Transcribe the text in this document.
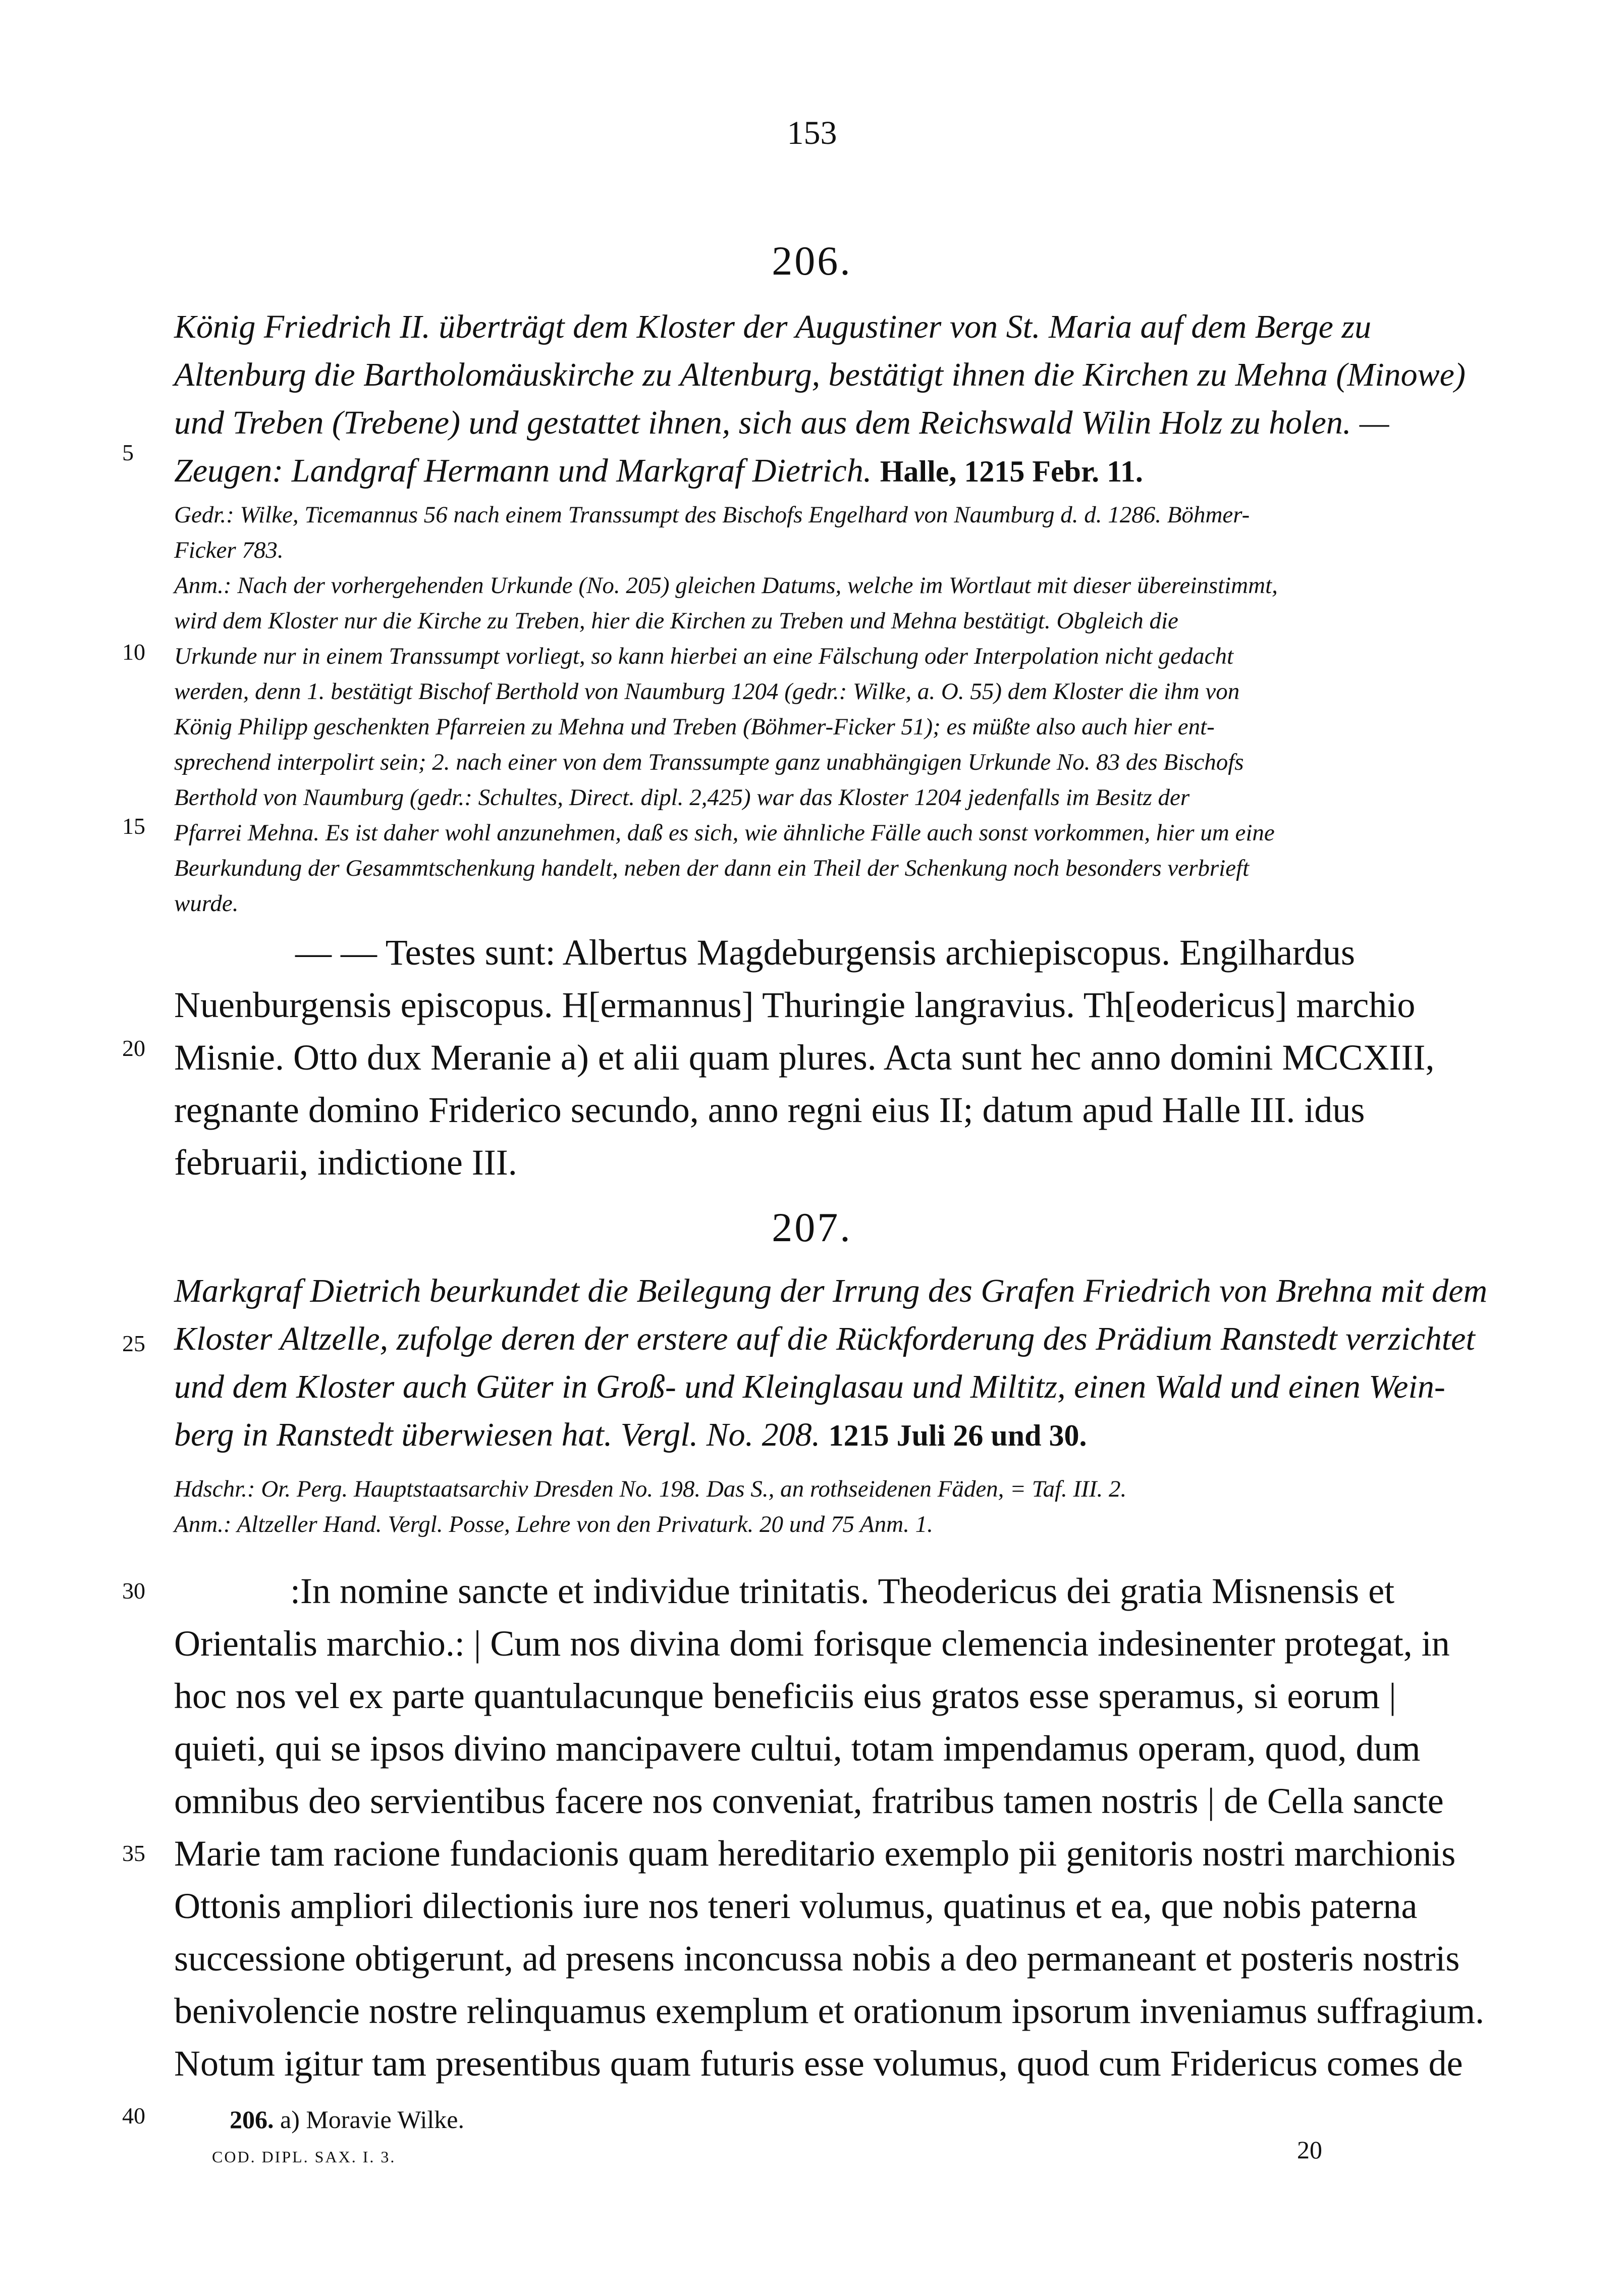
153
206.
König Friedrich II. überträgt dem Kloster der Augustiner von St. Maria auf dem Berge zu
Altenburg die Bartholomäuskirche zu Altenburg, bestätigt ihnen die Kirchen zu Mehna (Minowe)
und Treben (Trebene) und gestattet ihnen, sich aus dem Reichswald Wilin Holz zu holen. —
Zeugen: Landgraf Hermann und Markgraf Dietrich. Halle, 1215 Febr. 11.
Gedr.: Wilke, Ticemannus 56 nach einem Transsumpt des Bischofs Engelhard von Naumburg d. d. 1286. Böhmer-
Ficker 783.
Anm.: Nach der vorhergehenden Urkunde (No. 205) gleichen Datums, welche im Wortlaut mit dieser übereinstimmt,
wird dem Kloster nur die Kirche zu Treben, hier die Kirchen zu Treben und Mehna bestätigt. Obgleich die
Urkunde nur in einem Transsumpt vorliegt, so kann hierbei an eine Fälschung oder Interpolation nicht gedacht
werden, denn 1. bestätigt Bischof Berthold von Naumburg 1204 (gedr.: Wilke, a. O. 55) dem Kloster die ihm von
König Philipp geschenkten Pfarreien zu Mehna und Treben (Böhmer-Ficker 51); es müßte also auch hier ent-
sprechend interpolirt sein; 2. nach einer von dem Transsumpte ganz unabhängigen Urkunde No. 83 des Bischofs
Berthold von Naumburg (gedr.: Schultes, Direct. dipl. 2,425) war das Kloster 1204 jedenfalls im Besitz der
Pfarrei Mehna. Es ist daher wohl anzunehmen, daß es sich, wie ähnliche Fälle auch sonst vorkommen, hier um eine
Beurkundung der Gesammtschenkung handelt, neben der dann ein Theil der Schenkung noch besonders verbrieft
wurde.
— — Testes sunt: Albertus Magdeburgensis archiepiscopus. Engilhardus
Nuenburgensis episcopus. H[ermannus] Thuringie langravius. Th[eodericus] marchio
Misnie. Otto dux Meranie a) et alii quam plures. Acta sunt hec anno domini MCCXIII,
regnante domino Friderico secundo, anno regni eius II; datum apud Halle III. idus
februarii, indictione III.
207.
Markgraf Dietrich beurkundet die Beilegung der Irrung des Grafen Friedrich von Brehna mit dem
Kloster Altzelle, zufolge deren der erstere auf die Rückforderung des Prädium Ranstedt verzichtet
und dem Kloster auch Güter in Groß- und Kleinglasau und Miltitz, einen Wald und einen Wein-
berg in Ranstedt überwiesen hat. Vergl. No. 208. 1215 Juli 26 und 30.
Hdschr.: Or. Perg. Hauptstaatsarchiv Dresden No. 198. Das S., an rothseidenen Fäden, = Taf. III. 2.
Anm.: Altzeller Hand. Vergl. Posse, Lehre von den Privaturk. 20 und 75 Anm. 1.
:In nomine sancte et individue trinitatis. Theodericus dei gratia Misnensis et
Orientalis marchio.: | Cum nos divina domi forisque clemencia indesinenter protegat, in
hoc nos vel ex parte quantulacunque beneficiis eius gratos esse speramus, si eorum |
quieti, qui se ipsos divino mancipavere cultui, totam impendamus operam, quod, dum
omnibus deo servientibus facere nos conveniat, fratribus tamen nostris | de Cella sancte
Marie tam racione fundacionis quam hereditario exemplo pii genitoris nostri marchionis
Ottonis ampliori dilectionis iure nos teneri volumus, quatinus et ea, que nobis paterna
successione obtigerunt, ad presens inconcussa nobis a deo permaneant et posteris nostris
benivolencie nostre relinquamus exemplum et orationum ipsorum inveniamus suffragium.
Notum igitur tam presentibus quam futuris esse volumus, quod cum Fridericus comes de
5
10
15
20
25
30
35
40	206. a) Moravie Wilke.
COD. DIPL. SAX. I. 3.	20
